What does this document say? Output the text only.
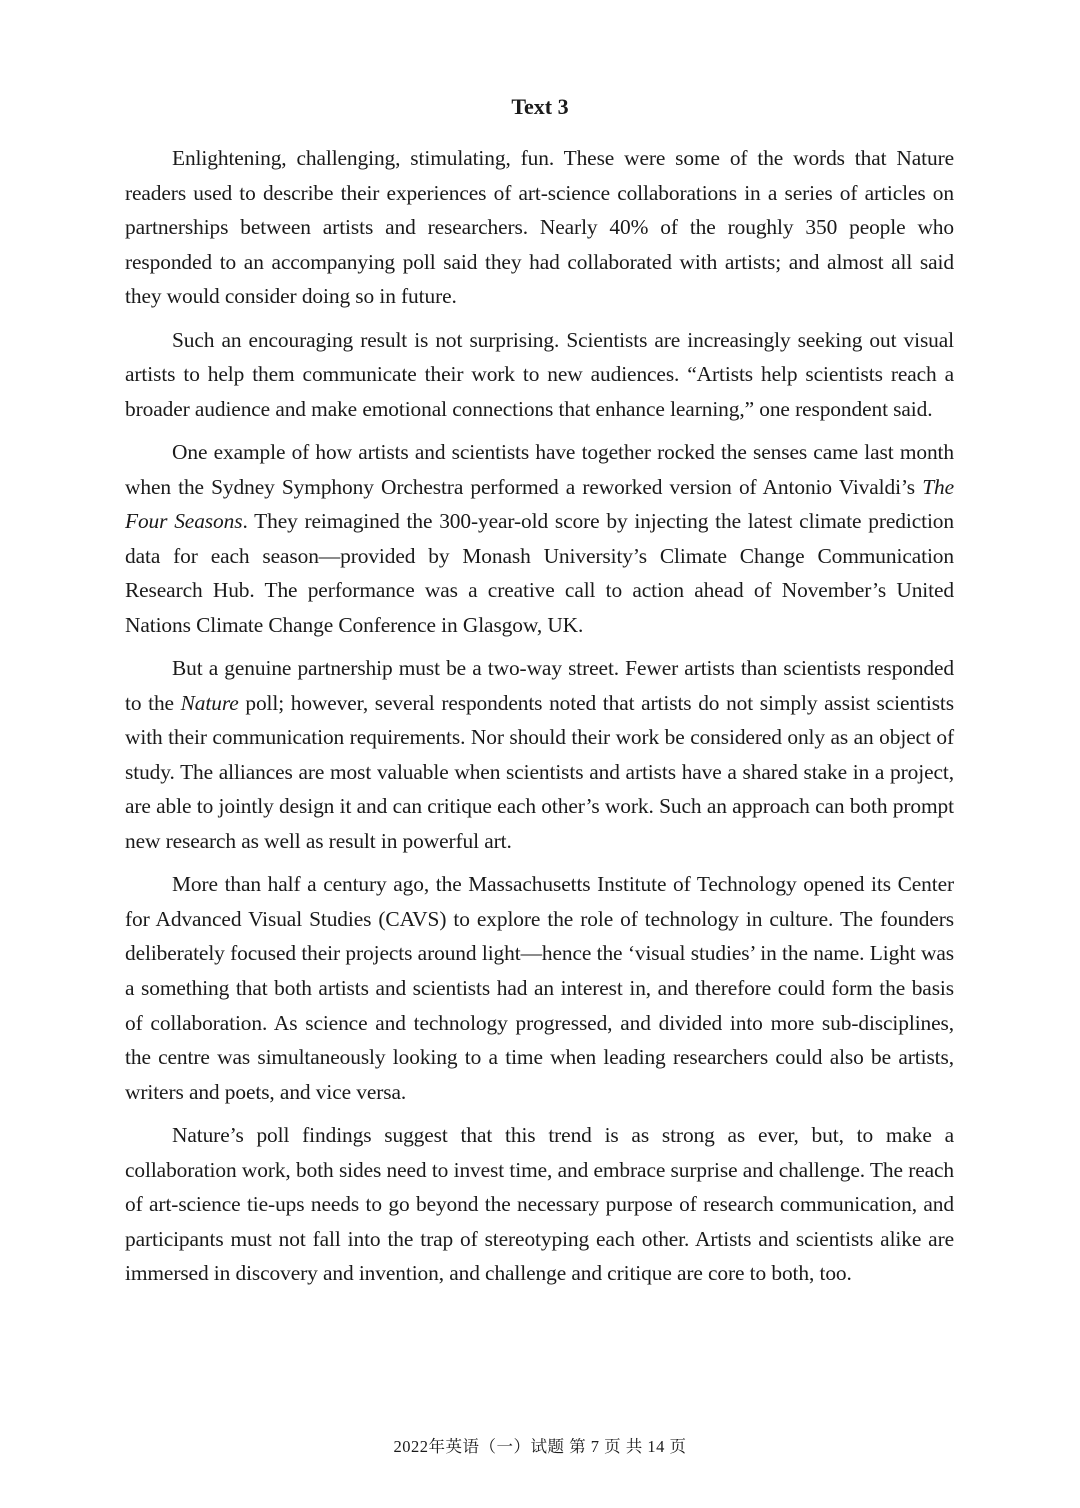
Text 3

Enlightening, challenging, stimulating, fun. These were some of the words that Nature readers used to describe their experiences of art-science collaborations in a series of articles on partnerships between artists and researchers. Nearly 40% of the roughly 350 people who responded to an accompanying poll said they had collaborated with artists; and almost all said they would consider doing so in future.

Such an encouraging result is not surprising. Scientists are increasingly seeking out visual artists to help them communicate their work to new audiences. “Artists help scientists reach a broader audience and make emotional connections that enhance learning,” one respondent said.

One example of how artists and scientists have together rocked the senses came last month when the Sydney Symphony Orchestra performed a reworked version of Antonio Vivaldi’s The Four Seasons. They reimagined the 300-year-old score by injecting the latest climate prediction data for each season—provided by Monash University’s Climate Change Communication Research Hub. The performance was a creative call to action ahead of November’s United Nations Climate Change Conference in Glasgow, UK.

But a genuine partnership must be a two-way street. Fewer artists than scientists responded to the Nature poll; however, several respondents noted that artists do not simply assist scientists with their communication requirements. Nor should their work be considered only as an object of study. The alliances are most valuable when scientists and artists have a shared stake in a project, are able to jointly design it and can critique each other’s work. Such an approach can both prompt new research as well as result in powerful art.

More than half a century ago, the Massachusetts Institute of Technology opened its Center for Advanced Visual Studies (CAVS) to explore the role of technology in culture. The founders deliberately focused their projects around light—hence the ‘visual studies’ in the name. Light was a something that both artists and scientists had an interest in, and therefore could form the basis of collaboration. As science and technology progressed, and divided into more sub-disciplines, the centre was simultaneously looking to a time when leading researchers could also be artists, writers and poets, and vice versa.

Nature’s poll findings suggest that this trend is as strong as ever, but, to make a collaboration work, both sides need to invest time, and embrace surprise and challenge. The reach of art-science tie-ups needs to go beyond the necessary purpose of research communication, and participants must not fall into the trap of stereotyping each other. Artists and scientists alike are immersed in discovery and invention, and challenge and critique are core to both, too.

2022年英语（一）试题 第 7 页 共 14 页
